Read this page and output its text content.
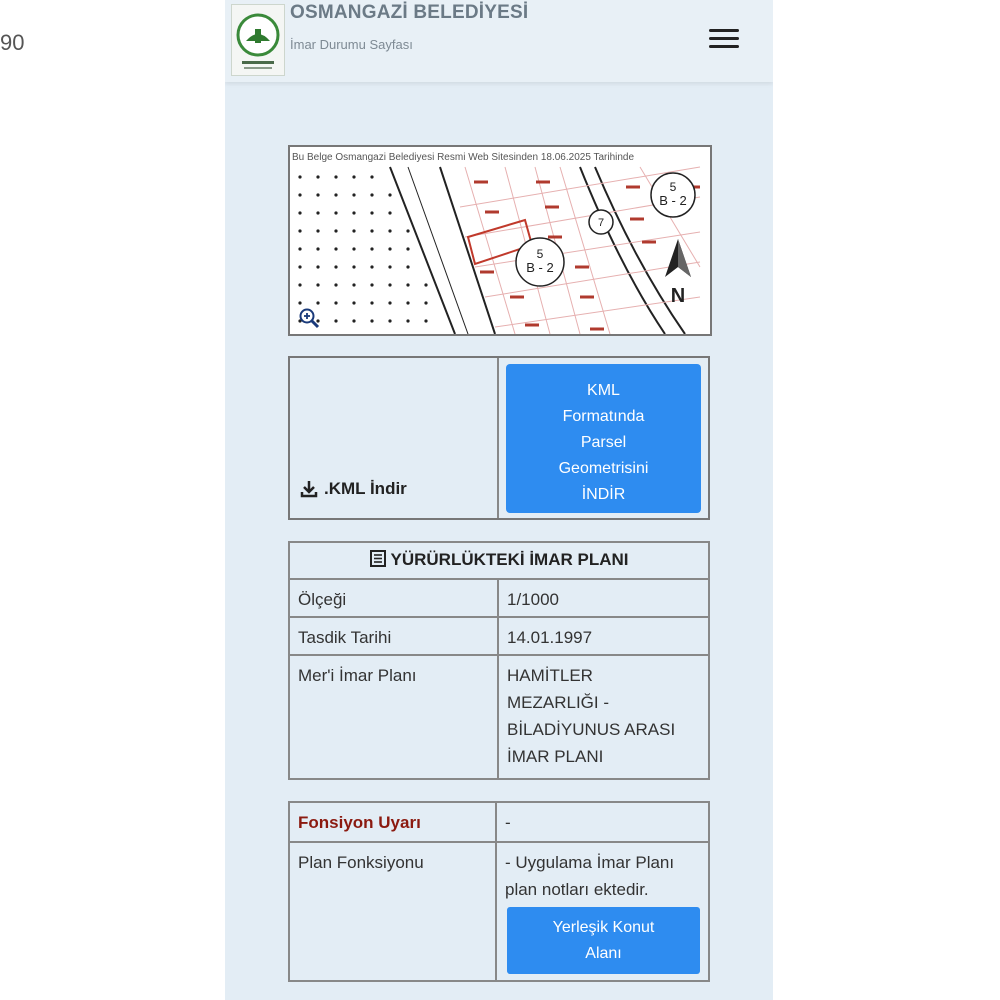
90
OSMANGAZİ BELEDİYESİ
İmar Durumu Sayfası
5
B - 2
5
B - 2
7
N
Bu Belge Osmangazi Belediyesi Resmi Web Sitesinden 18.06.2025 Tarihinde
.KML İndir
KML
Formatında
Parsel
Geometrisini
İNDİR
YÜRÜRLÜKTEKİ İMAR PLANI	
Ölçeği	1/1000
Tasdik Tarihi	14.01.1997
Mer'i İmar Planı	HAMİTLER
MEZARLIĞI -
BİLADİYUNUS ARASI
İMAR PLANI
Fonsiyon Uyarı	-
Plan Fonksiyonu	- Uygulama İmar Planı
plan notları ektedir.
Yerleşik Konut
Alanı
